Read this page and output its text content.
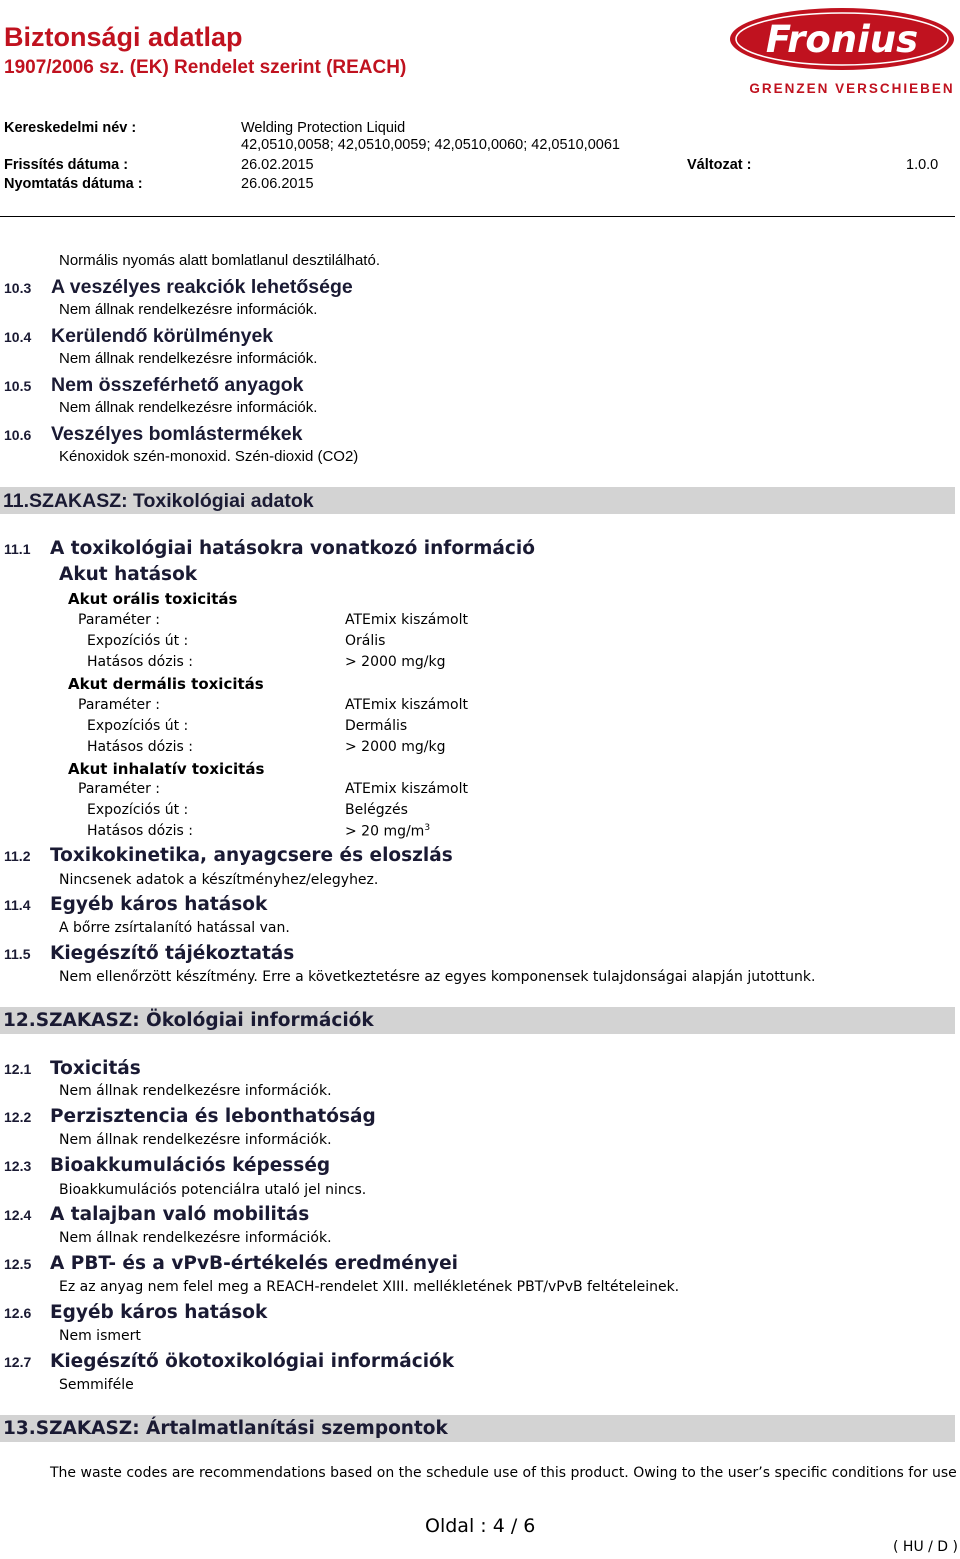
Biztonsági adatlap
1907/2006 sz. (EK) Rendelet szerint (REACH)
Fronius
GRENZEN VERSCHIEBEN
Kereskedelmi név :	Welding Protection Liquid
42,0510,0058; 42,0510,0059; 42,0510,0060; 42,0510,0061
Frissítés dátuma :	26.02.2015	Változat :	1.0.0
Nyomtatás dátuma :	26.06.2015
Normális nyomás alatt bomlatlanul desztilálható.
10.3 A veszélyes reakciók lehetősége
Nem állnak rendelkezésre információk.
10.4 Kerülendő körülmények
Nem állnak rendelkezésre információk.
10.5 Nem összeférhető anyagok
Nem állnak rendelkezésre információk.
10.6 Veszélyes bomlástermékek
Kénoxidok szén-monoxid. Szén-dioxid (CO2)
11.SZAKASZ: Toxikológiai adatok
11.1 A toxikológiai hatásokra vonatkozó információ
Akut hatások
Akut orális toxicitás
Paraméter :	ATEmix kiszámolt
Expozíciós út :	Orális
Hatásos dózis :	> 2000 mg/kg
Akut dermális toxicitás
Paraméter :	ATEmix kiszámolt
Expozíciós út :	Dermális
Hatásos dózis :	> 2000 mg/kg
Akut inhalatív toxicitás
Paraméter :	ATEmix kiszámolt
Expozíciós út :	Belégzés
Hatásos dózis :	> 20 $mg/m^3$
11.2 Toxikokinetika, anyagcsere és eloszlás
Nincsenek adatok a készítményhez/elegyhez.
11.4 Egyéb káros hatások
A bőrre zsírtalanító hatással van.
11.5 Kiegészítő tájékoztatás
Nem ellenőrzött készítmény. Erre a következtetésre az egyes komponensek tulajdonságai alapján jutottunk.
12.SZAKASZ: Ökológiai információk
12.1 Toxicitás
Nem állnak rendelkezésre információk.
12.2 Perzisztencia és lebonthatóság
Nem állnak rendelkezésre információk.
12.3 Bioakkumulációs képesség
Bioakkumulációs potenciálra utaló jel nincs.
12.4 A talajban való mobilitás
Nem állnak rendelkezésre információk.
12.5 A PBT- és a vPvB-értékelés eredményei
Ez az anyag nem felel meg a REACH-rendelet XIII. mellékletének PBT/vPvB feltételeinek.
12.6 Egyéb káros hatások
Nem ismert
12.7 Kiegészítő ökotoxikológiai információk
Semmiféle
13.SZAKASZ: Ártalmatlanítási szempontok
The waste codes are recommendations based on the schedule use of this product. Owing to the user’s specific conditions for use
Oldal : 4 / 6
( HU / D )
